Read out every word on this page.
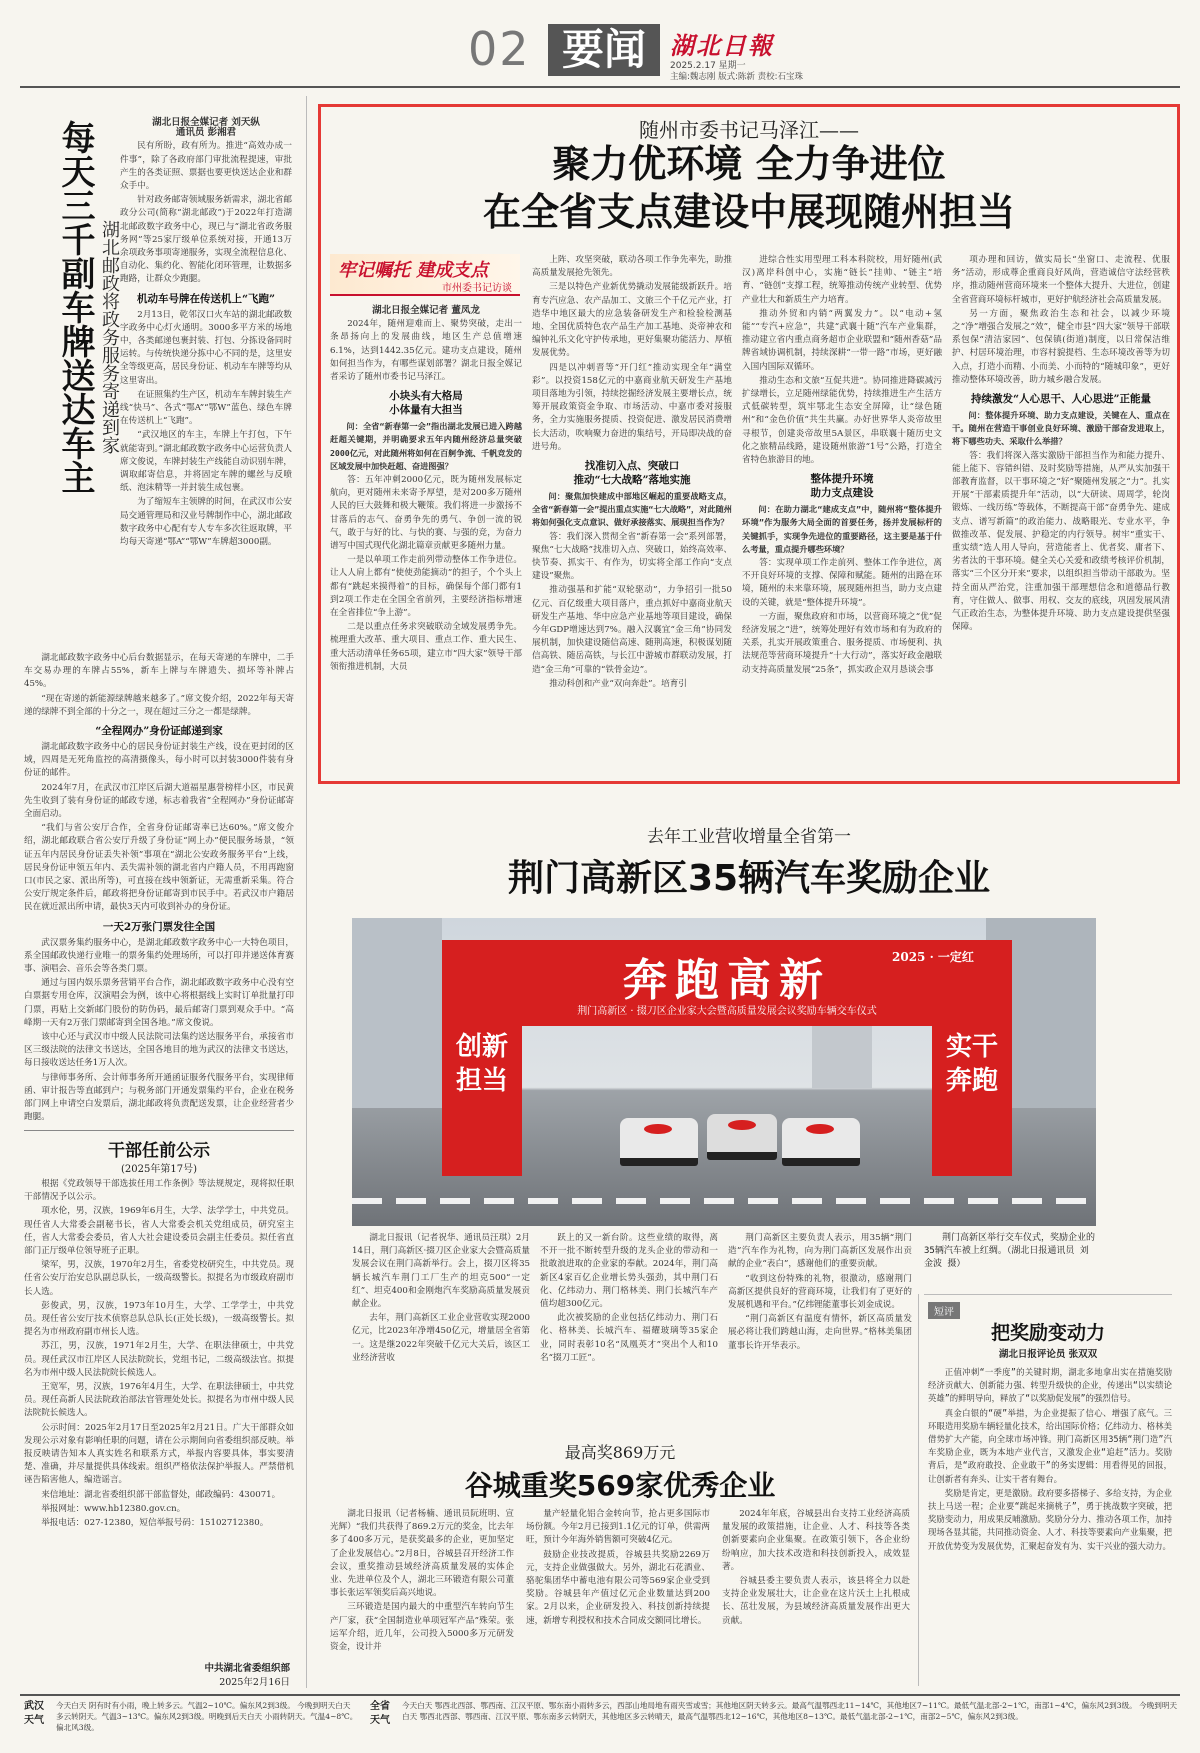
02 要闻	湖北日報
2025.2.17 星期一
主编:魏志刚 版式:陈新 责校:石宝珠
每天三千副车牌送达车主 湖北邮政将政务服务寄递到家

湖北日报全媒记者 刘天纵

通讯员 彭湘君

民有所盼，政有所为。推进“高效办成一件事”，除了各政府部门审批流程提速，审批产生的各类证照、票据也要更快送达企业和群众手中。

针对政务邮寄领域服务新需求，湖北省邮政分公司(简称“湖北邮政”)于2022年打造湖北邮政数字政务中心，现已与“湖北省政务服务网”等25家厅级单位系统对接，开通13万余项政务事项寄递服务，实现全流程信息化、自动化、集约化、智能化闭环管理，让数据多跑路，让群众少跑腿。

机动车号牌在传送机上“飞跑”

2月13日，乾邻汉口火车站的湖北邮政数字政务中心灯火通明。3000多平方米的场地中，各类邮递包裹封装、打包、分拣设备同时运转。与传统快递分拣中心不同的是，这里安全等级更高，居民身份证、机动车车牌等均从这里寄出。

在证照集约生产区，机动车车牌封装生产线“快马”、各式“鄂A”“鄂W”蓝色、绿色车牌在传送机上“飞跑”。

“武汉地区的车主，车牌上午打包，下午就能寄到。”湖北邮政数字政务中心运营负责人席文俊说，车牌封装生产线能自动识别车牌，调取邮寄信息，并将固定车牌的螺丝与反喷纸、泡沫精等一并封装生成包裹。

为了缩短车主领牌的时间，在武汉市公安局交通管理局和汉业号牌制作中心，湖北邮政数字政务中心配有专人专车多次往返取牌，平均每天寄递“鄂A”“鄂W”车牌超3000副。

湖北邮政数字政务中心后台数据显示，在每天寄递的车牌中，二手车交易办理的车牌占55%，新车上牌与车牌遗失、损坏等补牌占45%。

“现在寄递的新能源绿牌越来越多了。”席文俊介绍，2022年每天寄递的绿牌不到全部的十分之一，现在超过三分之一都是绿牌。

“全程网办”身份证邮递到家

湖北邮政数字政务中心的居民身份证封装生产线，设在更封闭的区域，四周是无死角监控的高清摄像头，每小时可以封装3000件装有身份证的邮件。

2024年7月，在武汉市江岸区后湖大道福星惠誉榜样小区，市民黄先生收到了装有身份证的邮政专递，标志着我省“全程网办”身份证邮寄全面启动。

“我们与省公安厅合作，全省身份证邮寄率已达60%。”席文俊介绍，湖北邮政联合省公安厅升级了身份证“网上办”便民服务场景，“领证五年内居民身份证丢失补领”事项在“湖北公安政务服务平台”上线，居民身份证申领五年内、丢失需补领的湖北省内户籍人员，不用再跑窗口(市民之家、派出所等)，可直接在线申领新证，无需重新采集。符合公安厅规定条件后，邮政将把身份证邮寄到市民手中。若武汉市户籍居民在就近派出所申请，最快3天内可收到补办的身份证。

一天2万张门票发往全国

武汉票务集约服务中心，是湖北邮政数字政务中心一大特色项目，系全国邮政快递行业唯一的票务集约处理场所，可以打印并递送体育赛事、演唱会、音乐会等各类门票。

通过与国内娱乐票务营销平台合作，湖北邮政数字政务中心没有空白票据专用仓库，汉演唱会为例，该中心将根据线上实时订单批量打印门票，再贴上交新邮门股份的防伪码，最后邮寄门票到观众手中。“高峰期一天有2万张门票邮寄到全国各地。”席文俊说。

该中心还与武汉市中级人民法院司法集约送达服务平台，承接省市区三级法院的法律文书送达，全国各地目的地为武汉的法律文书送达，每日接收送达任务1万人次。

与律师事务所、会计师事务所开通函证服务代服务平台，实现律师函、审计报告等直邮到户；与税务部门开通发票集约平台，企业在税务部门网上申请空白发票后，湖北邮政将负责配送发票，让企业经营者少跑腿。

干部任前公示
(2025年第17号)

根据《党政领导干部选拔任用工作条例》等法规规定，现将拟任职干部情况予以公示。

项水伦，男，汉族，1969年6月生，大学、法学学士，中共党员。现任省人大常委会副秘书长，省人大常委会机关党组成员，研究室主任，省人大常委会委员，省人大社会建设委员会副主任委员。拟任省直部门正厅级单位领导班子正职。

梁军，男，汉族，1970年2月生，省委党校研究生，中共党员。现任省公安厅治安总队副总队长，一级高级警长。拟提名为市级政府副市长人选。

彭俊武，男，汉族，1973年10月生，大学、工学学士，中共党员。现任省公安厅技术侦察总队总队长(正处长级)，一级高级警长。拟提名为市州政府副市州长人选。

苏江，男，汉族，1971年2月生，大学、在职法律硕士，中共党员。现任武汉市江岸区人民法院院长，党组书记，二级高级法官。拟提名为市州中级人民法院院长候选人。

王宽军，男，汉族，1976年4月生，大学、在职法律硕士，中共党员。现任高新人民法院政治部法官管理处处长。拟提名为市州中级人民法院院长候选人。

公示时间：2025年2月17日至2025年2月21日。广大干部群众如发现公示对象有影响任职的问题，请在公示期间向省委组织部反映。举报反映请告知本人真实姓名和联系方式，举报内容要具体，事实要清楚、准确，并尽量提供具体线索。组织严格依法保护举报人。严禁借机诬告陷害他人，编造谣言。

来信地址：湖北省委组织部干部监督处，邮政编码：430071。

举报网址：www.hb12380.gov.cn。

举报电话：027-12380，短信举报号码：15102712380。

中共湖北省委组织部
2025年2月16日
随州市委书记马泽江——
聚力优环境 全力争进位
在全省支点建设中展现随州担当
牢记嘱托 建成支点
市州委书记访谈

湖北日报全媒记者 董凤龙

2024年，随州迎难而上、聚势突破，走出一条昂扬向上的发展曲线，地区生产总值增速6.1%，达到1442.35亿元。建功支点建设，随州如何担当作为，有哪些谋划部署？湖北日报全媒记者采访了随州市委书记马泽江。

小块头有大格局
小体量有大担当

问：全省“新春第一会”指出湖北发展已进入跨越赶超关键期，并明确要求五年内随州经济总量突破2000亿元，对此随州将如何在百舸争流、千帆竞发的区域发展中加快赶超、奋进图强？

答：五年冲刺2000亿元，既为随州发展标定航向，更对随州未来寄予厚望，是对200多万随州人民的巨大鼓舞和极大鞭策。我们将进一步激扬不甘落后的志气、奋勇争先的勇气、争创一流的锐气，敢于与好的比、与快的赛、与强的竞，为奋力谱写中国式现代化湖北篇章贡献更多随州力量。

一是以单项工作走前列带动整体工作争进位。让人人肩上都有“使使劲能摘动”的担子，个个头上都有“跳起来摸得着”的目标，确保每个部门都有1到2项工作走在全国全省前列，主要经济指标增速在全省排位“争上游”。

二是以重点任务求突破联动全域发展勇争先。梳理重大改革、重大项目、重点工作、重大民生、重大活动清单任务65项，建立市“四大家”领导干部领衔推进机制，大员

上阵、攻坚突破，联动各项工作争先率先，助推高质量发展抢先领先。

三是以特色产业新优势撬动发展能级新跃升。培育专汽应急、农产品加工、文旅三个千亿元产业，打造华中地区最大的应急装备研发生产和检验检测基地、全国优质特色农产品生产加工基地、炎帝神农和编钟礼乐文化守护传承地，更好集聚功能活力、厚植发展优势。

四是以冲刺晋等“开门红”推动实现全年“满堂彩”。以投资158亿元的中嘉商业航天研发生产基地项目落地为引领，持续挖掘经济发展主要增长点，统筹开展政策资金争取、市场活动、中嘉市委对接服务，全力实施服务提质、投资促进、激发居民消费增长大活动，吹响聚力奋进的集结号，开局即决战的奋进号角。

找准切入点、突破口
推动“七大战略”落地实施

问：聚焦加快建成中部地区崛起的重要战略支点，全省“新春第一会”提出重点实施“七大战略”，对此随州将如何强化支点意识、做好承接落实、展现担当作为？

答：我们深入贯彻全省“新春第一会”系列部署，聚焦“七大战略”找准切入点、突破口，始终高效率、快节奏、抓实干、有作为，切实将全部工作向“支点建设”聚焦。

推动强基和扩能“双轮驱动”，力争招引一批50亿元、百亿级重大项目落户，重点抓好中嘉商业航天研发生产基地、华中应急产业基地等项目建设，确保今年GDP增速达到7%。融入汉襄宜“金三角”协同发展机制，加快建设随信高速、随荆高速，积极谋划随信高铁、随岳高铁，与长江中游城市群联动发展，打造“金三角”可靠的“铁骨金边”。

推动科创和产业“双向奔赴”。培育引

进综合性实用型理工科本科院校，用好随州(武汉)离岸科创中心，实施“链长”挂帅、“链主”培育、“链创”支撑工程，统筹推动传统产业转型、优势产业壮大和新质生产力培育。

推动外贸和内销“两翼发力”。以“电动+氢能”“专汽+应急”，共建“武襄十随”汽车产业集群，推动建立省内重点商务超市企业联盟和“随州香菇”品牌省域协调机制，持续深耕“一带一路”市场，更好融入国内国际双循环。

推动生态和文旅“互促共进”。协同推进降碳减污扩绿增长，立足随州绿能优势，持续推进生产生活方式低碳转型，筑牢鄂北生态安全屏障，让“绿色随州”和“金色价值”共生共赢。办好世界华人炎帝故里寻根节，创建炎帝故里5A景区，串联襄十随历史文化之旅精品线路，建设随州旅游“1号”公路，打造全省特色旅游目的地。

整体提升环境
助力支点建设

问：在助力湖北“建成支点”中，随州将“整体提升环境”作为服务大局全面的首要任务，扬并发展标杆的关键抓手，实现争先进位的重要路径，这主要是基于什么考量，重点提升哪些环境？

答：实现单项工作走前列、整体工作争进位，离不开良好环境的支撑、保障和赋能。随州的出路在环境，随州的未来靠环境，展现随州担当，助力支点建设的关键，就是“整体提升环境”。

一方面，聚焦政府和市场，以营商环境之“优”促经济发展之“进”，统筹处理好有效市场和有为政府的关系，扎实开展政策重合、服务提质、市场便利、执法规范等营商环境提升“十大行动”，落实好政金融联动支持高质量发展“25条”，抓实政企双月恳谈会事

项办理和回访，做实局长“坐窗口、走流程、优服务”活动，形成尊企重商良好风尚，营造诚信守法经营秩序，推动随州营商环境来一个整体大提升、大进位，创建全省营商环境标杆城市，更好护航经济社会高质量发展。

另一方面，聚焦政治生态和社会，以减少环境之“净”增强合发展之“效”，健全市县“四大家”领导干部联系包保“清洁家园”、包保镇(街道)制度，以日常保洁维护、村居环境治理，市容村貌提档、生态环境改善等为切入点，打造小而精、小而美、小而特的“随城印象”，更好推动整体环境改善，助力城乡融合发展。

持续激发“人心思干、人心思进”正能量

问：整体提升环境、助力支点建设，关键在人、重点在干。随州在营造干事创业良好环境、激励干部奋发进取上，将下哪些功夫、采取什么举措？

答：我们将深入落实激励干部担当作为和能力提升、能上能下、容错纠错、及时奖励等措施，从严从实加强干部教育监督，以干事环境之“好”聚随州发展之“力”。扎实开展“干部素质提升年”活动，以“大研读、周周学，轮岗锻炼、一线历练”等载体，不断提高干部“奋勇争先、建成支点、谱写新篇”的政治能力、战略眼光、专业水平，争做推改革、促发展、护稳定的内行领导。树牢“重实干、重实绩”选人用人导向，营造能者上、优者奖、庸者下、劣者汰的干事环境。健全关心关爱和政绩考核评价机制，落实“三个区分开来”要求，以组织担当带动干部敢为。坚持全面从严治党，注重加强干部理想信念和道德品行教育，守住做人、做事、用权、交友的底线，巩固发展风清气正政治生态，为整体提升环境、助力支点建设提供坚强保障。

去年工业营收增量全省第一
荆门高新区35辆汽车奖励企业
奔跑高新	2025 · 一定红
荆门高新区 · 掇刀区企业家大会暨高质量发展会议奖励车辆交车仪式
创新担当
实干奔跑

湖北日报讯（记者祝华、通讯员汪琪）2月14日，荆门高新区·掇刀区企业家大会暨高质量发展会议在荆门高新举行。会上，掇刀区将35辆长城汽车荆门工厂生产的坦克500“一定红”、坦克400和金刚炮汽车奖励高质量发展贡献企业。

去年，荆门高新区工业企业营收实现2000亿元，比2023年净增450亿元，增量居全省第一。这是继2022年突破千亿元大关后，该区工业经济营收

跃上的又一新台阶。这些业绩的取得，离不开一批不断转型升级的龙头企业的带动和一批敢浪进取的企业家的奉献。2024年，荆门高新区4家百亿企业增长势头强劲，其中荆门石化、亿纬动力、荆门格林美、荆门长城汽车产值均超300亿元。

此次被奖励的企业包括亿纬动力、荆门石化、格林美、长城汽车、福耀玻璃等35家企业，同时表彰10名“凤凰英才”突出个人和10名“掇刀工匠”。

荆门高新区主要负责人表示，用35辆“荆门造”汽车作为礼物，向为荆门高新区发展作出贡献的企业“表白”，感谢他们的重要贡献。

“收到这份特殊的礼物，很激动，感谢荆门高新区提供良好的营商环境，让我们有了更好的发展机遇和平台。”亿纬锂能董事长刘金成说。

“荆门高新区有温度有情怀，新区高质量发展必将让我们跨越山海，走向世界。”格林美集团董事长许开华表示。

荆门高新区举行交车仪式，奖励企业的35辆汽车被上红绸。（湖北日报通讯员 刘金波 摄）
短评
把奖励变动力
湖北日报评论员 张双双

正值冲刺“一季度”的关键时期，湖北多地拿出实在措施奖励经济贡献大、创新能力强、转型升级快的企业，传递出“以实绩论英雄”的鲜明导向，释放了“以奖励促发展”的强烈信号。

真金白银的“硬”举措，为企业提振了信心、增强了底气。三环眼造用奖励车辆轻量化技术，给出国际价格；亿纬动力、格林美借势扩大产能，向全球市场冲锋。荆门高新区用35辆“荆门造”汽车奖励企业，既为本地产业代言，又激发企业“追赶”活力。奖励背后，是“政府敢投、企业敢干”的务实逻辑：用看得见的回报，让创新者有奔头、让实干者有舞台。

奖励是肯定，更是激励。政府要多搭梯子、多给支持，为企业扶上马送一程；企业要“跳起来摘桃子”，勇于挑战数字突破，把奖励变动力，用成果反哺激励。奖励分分力、推动各项工作，加持现场各显其能，共同推动资金、人才、科技等要素向产业集聚，把开放优势变为发展优势，汇聚起奋发有为、实干兴业的强大动力。

最高奖869万元
谷城重奖569家优秀企业

湖北日报讯（记者杨楠、通讯员阮班明、宣光辉）“我们共获得了869.2万元的奖金，比去年多了400多万元，是获奖最多的企业，更加坚定了企业发展信心。”2月8日，谷城县召开经济工作会议，重奖推动县域经济高质量发展的实体企业、先进单位及个人，湖北三环锻造有限公司董事长张运军领奖后高兴地说。

三环锻造是国内最大的中重型汽车转向节生产厂家，获“全国制造业单项冠军产品”殊荣。张运军介绍，近几年，公司投入5000多万元研发资金，设计并

量产轻量化铝合金转向节，抢占更多国际市场份额。今年2月已接到1.1亿元的订单，供需两旺，预计今年海外销售额可突破4亿元。

鼓励企业技改提质，谷城县共奖励2269万元，支持企业做强做大。另外，湖北石花酒业、骆驼集团华中蓄电池有限公司等569家企业受到奖励。谷城县年产值过亿元企业数量达到200家。2月以来，企业研发投入、科技创新持续提速，新增专利授权和技术合同成交额同比增长。

2024年年底，谷城县出台支持工业经济高质量发展的政策措施，让企业、人才、科技等各类创新要素向企业集聚。在政策引领下，各企业纷纷响应，加大技术改造和科技创新投入，成效显著。

谷城县委主要负责人表示，该县将全力以赴支持企业发展壮大，让企业在这片沃土上扎根成长、茁壮发展，为县域经济高质量发展作出更大贡献。

武汉
天气
今天白天 阴有时有小雨，晚上转多云。气温2~10℃。偏东风2到3级。 今晚到明天白天 多云转阴天。气温3~13℃。偏东风2到3级。明晚到后天白天 小雨转阴天。气温4~8℃。偏北风3级。
全省
天气
今天白天 鄂西北西部、鄂西南、江汉平原、鄂东南小雨转多云，西部山地局地有雨夹雪或雪；其他地区阴天转多云。最高气温鄂西北11~14℃，其他地区7~11℃。最低气温北部-2~1℃，南部1~4℃，偏东风2到3级。 今晚到明天白天 鄂西北西部、鄂西南、江汉平原、鄂东南多云转阴天，其他地区多云转晴天，最高气温鄂西北12~16℃，其他地区8~13℃。最低气温北部-2~1℃，南部2~5℃，偏东风2到3级。
